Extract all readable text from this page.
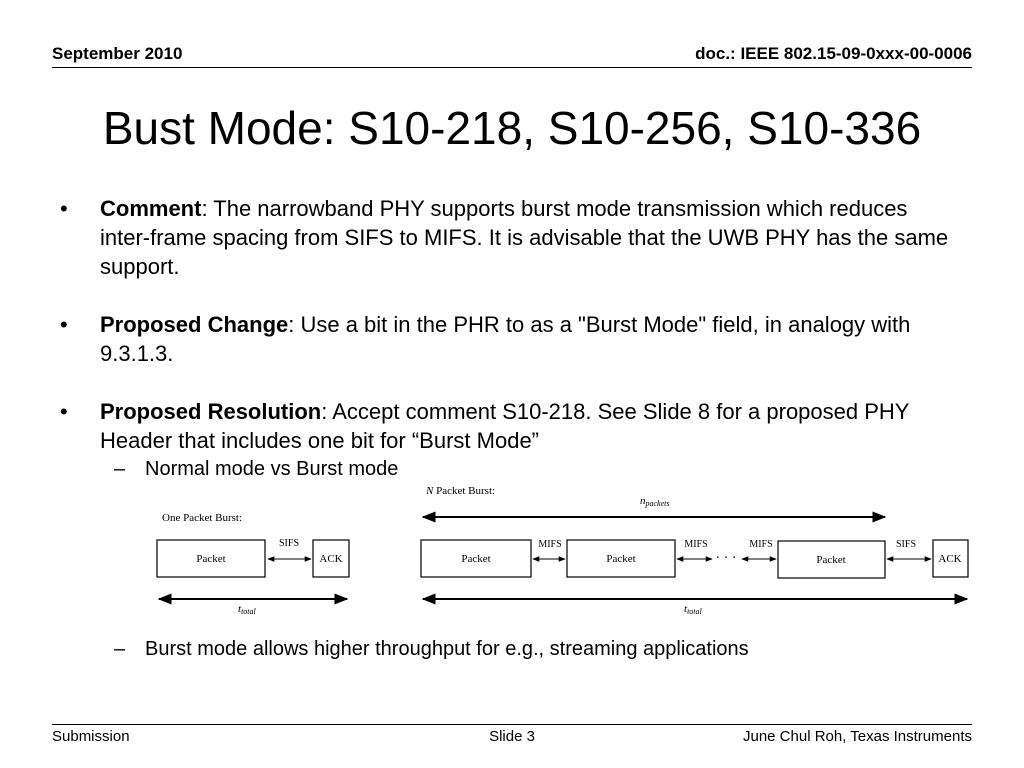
September 2010	doc.: IEEE 802.15-09-0xxx-00-0006
Bust Mode: S10-218, S10-256, S10-336
• Comment: The narrowband PHY supports burst mode transmission which reduces inter-frame spacing from SIFS to MIFS. It is advisable that the UWB PHY has the same support.
• Proposed Change: Use a bit in the PHR to as a "Burst Mode" field, in analogy with 9.3.1.3.
• Proposed Resolution: Accept comment S10-218. See Slide 8 for a proposed PHY Header that includes one bit for “Burst Mode”
– Normal mode vs Burst mode
One Packet Burst:
Packet
SIFS
ACK
ttotal
N Packet Burst:
npackets
Packet
MIFS
Packet
MIFS
· · ·
MIFS
Packet
SIFS
ACK
ttotal
– Burst mode allows higher throughput for e.g., streaming applications
Submission	Slide 3	June Chul Roh, Texas Instruments
